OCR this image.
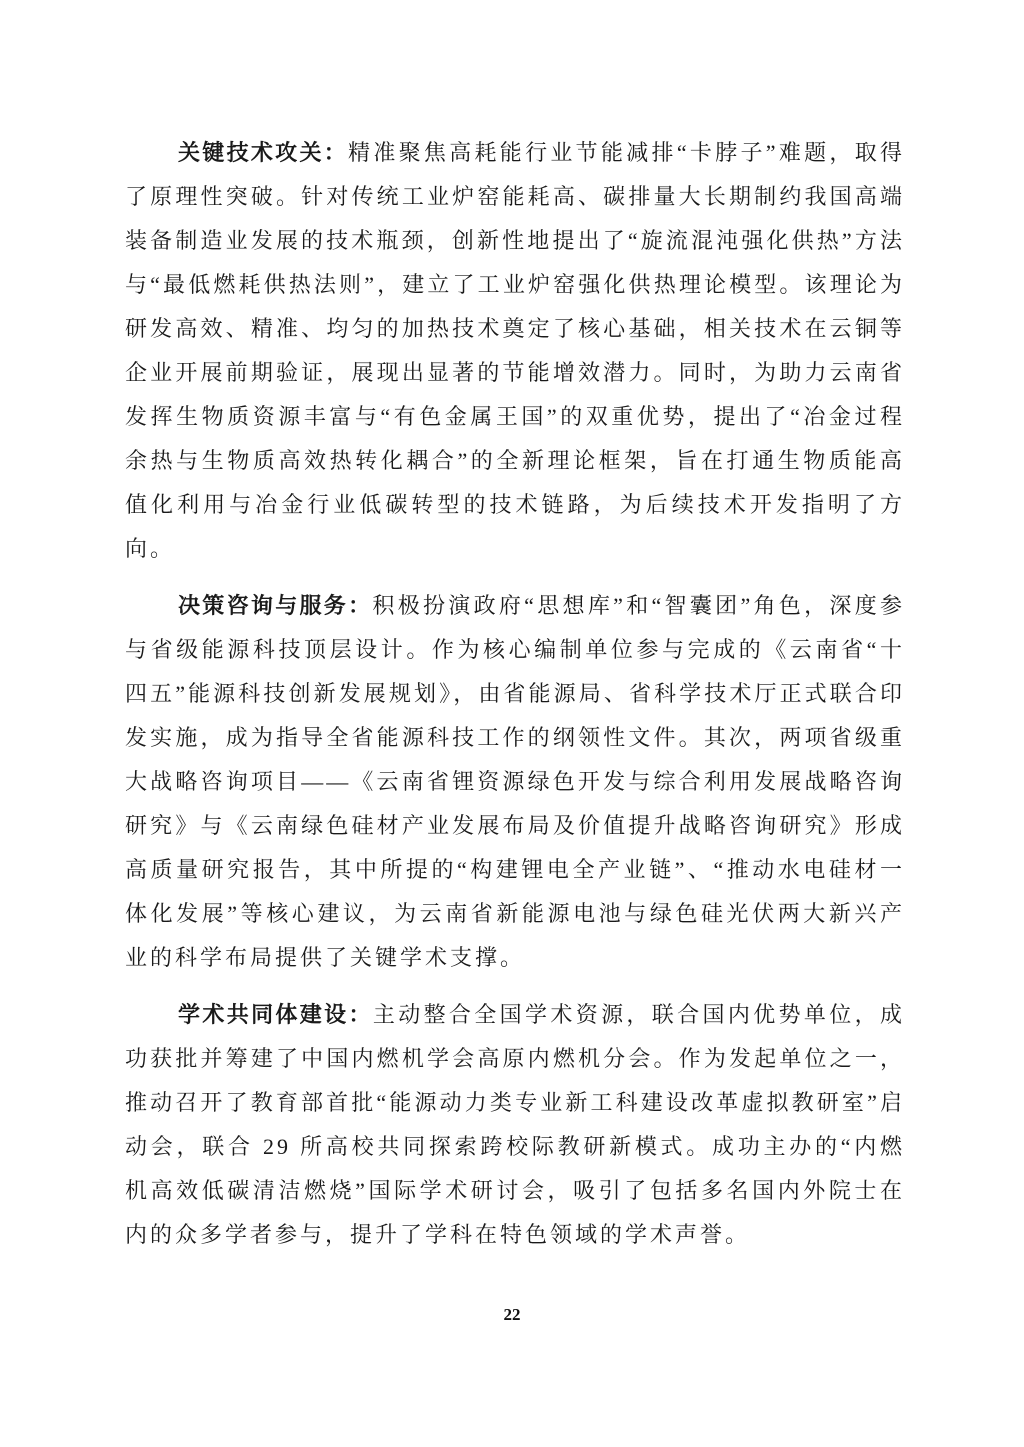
关键技术攻关：精准聚焦高耗能行业节能减排“卡脖子”难题，取得了原理性突破。针对传统工业炉窑能耗高、碳排量大长期制约我国高端装备制造业发展的技术瓶颈，创新性地提出了“旋流混沌强化供热”方法与“最低燃耗供热法则”，建立了工业炉窑强化供热理论模型。该理论为研发高效、精准、均匀的加热技术奠定了核心基础，相关技术在云铜等企业开展前期验证，展现出显著的节能增效潜力。同时，为助力云南省发挥生物质资源丰富与“有色金属王国”的双重优势，提出了“冶金过程余热与生物质高效热转化耦合”的全新理论框架，旨在打通生物质能高值化利用与冶金行业低碳转型的技术链路，为后续技术开发指明了方向。

决策咨询与服务：积极扮演政府“思想库”和“智囊团”角色，深度参与省级能源科技顶层设计。作为核心编制单位参与完成的《云南省“十四五”能源科技创新发展规划》，由省能源局、省科学技术厅正式联合印发实施，成为指导全省能源科技工作的纲领性文件。其次，两项省级重大战略咨询项目——《云南省锂资源绿色开发与综合利用发展战略咨询研究》与《云南绿色硅材产业发展布局及价值提升战略咨询研究》形成高质量研究报告，其中所提的“构建锂电全产业链”、“推动水电硅材一体化发展”等核心建议，为云南省新能源电池与绿色硅光伏两大新兴产业的科学布局提供了关键学术支撑。

学术共同体建设：主动整合全国学术资源，联合国内优势单位，成功获批并筹建了中国内燃机学会高原内燃机分会。作为发起单位之一，推动召开了教育部首批“能源动力类专业新工科建设改革虚拟教研室”启动会，联合 29 所高校共同探索跨校际教研新模式。成功主办的“内燃机高效低碳清洁燃烧”国际学术研讨会，吸引了包括多名国内外院士在内的众多学者参与，提升了学科在特色领域的学术声誉。

22
